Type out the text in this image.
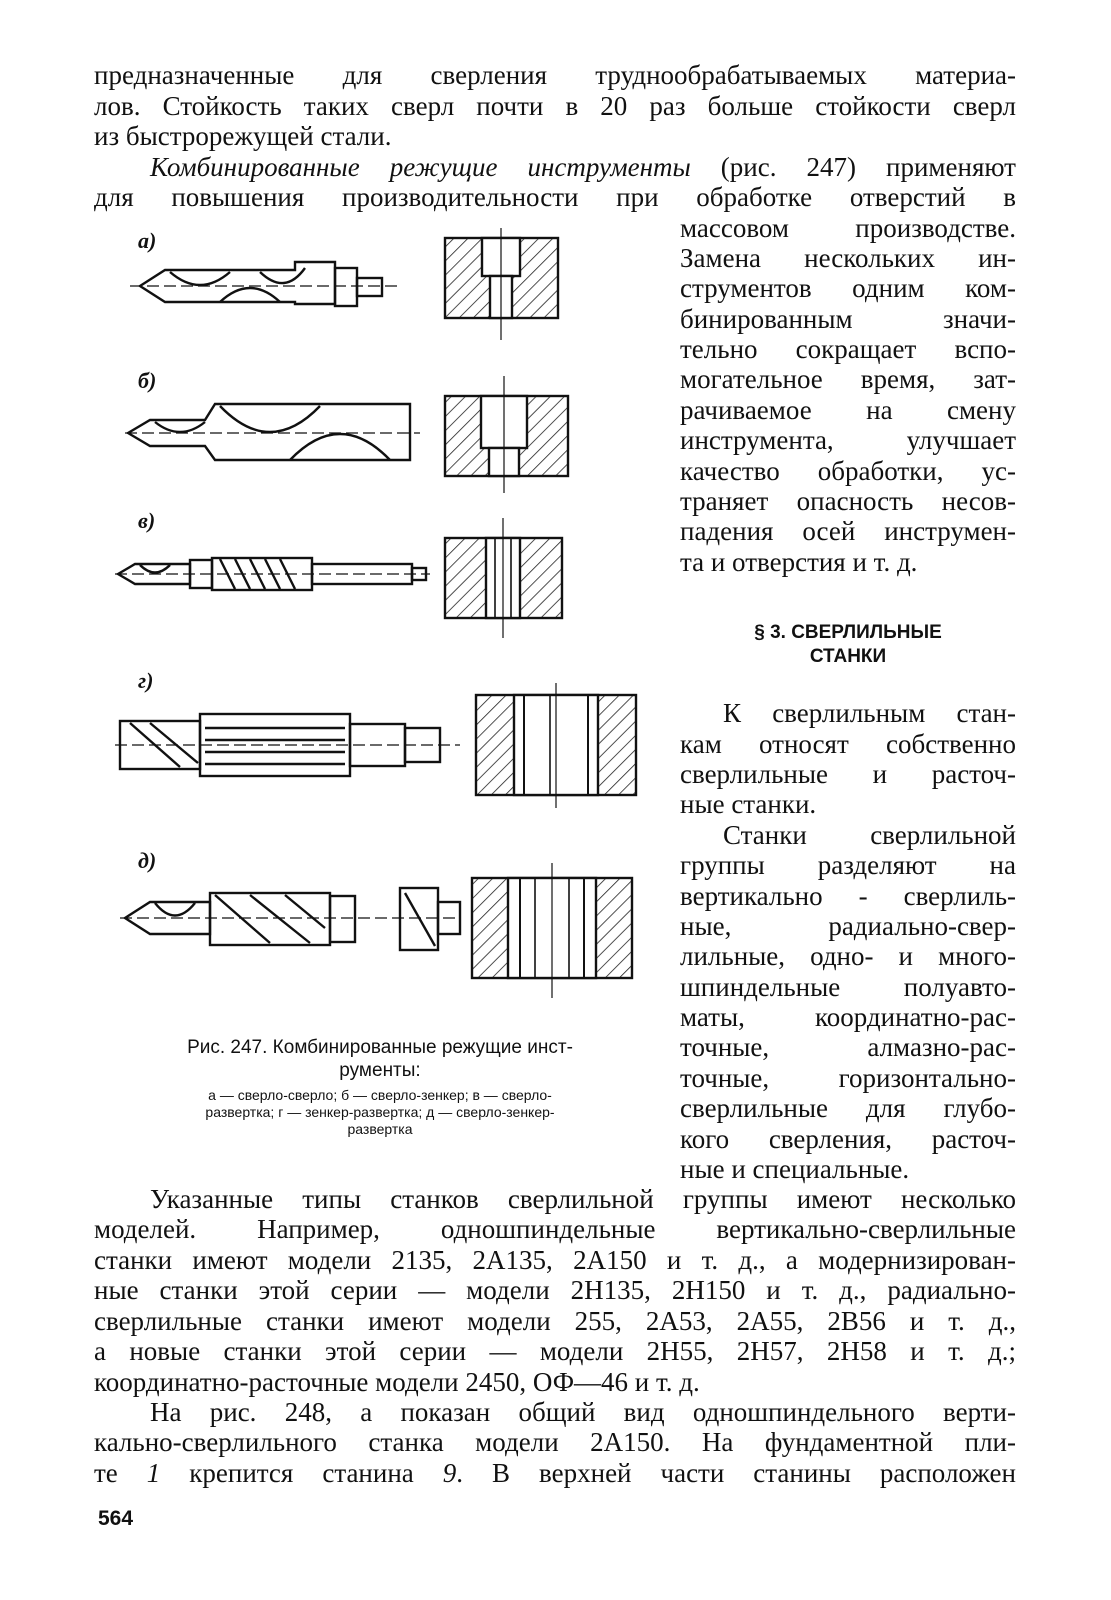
предназначенные для сверления труднообрабатываемых материа-
лов. Стойкость таких сверл почти в 20 раз больше стойкости сверл
из быстрорежущей стали.
Комбинированные режущие инструменты (рис. 247) применяют
для повышения производительности при обработке отверстий в
массовом производстве.
Замена нескольких ин-
струментов одним ком-
бинированным значи-
тельно сокращает вспо-
могательное время, зат-
рачиваемое на смену
инструмента, улучшает
качество обработки, ус-
траняет опасность несов-
падения осей инструмен-
та и отверстия и т. д.
§ 3. СВЕРЛИЛЬНЫЕ
СТАНКИ
К сверлильным стан-
кам относят собственно
сверлильные и расточ-
ные станки.
Станки сверлильной
группы разделяют на
вертикально - сверлиль-
ные, радиально-свер-
лильные, одно- и много-
шпиндельные полуавто-
маты, координатно-рас-
точные, алмазно-рас-
точные, горизонтально-
сверлильные для глубо-
кого сверления, расточ-
ные и специальные.
а)
б)
в)
г)
д)
Рис. 247. Комбинированные режущие инст-
рументы:
а — сверло-сверло; б — сверло-зенкер; в — сверло-
развертка; г — зенкер-развертка; д — сверло-зенкер-
развертка
Указанные типы станков сверлильной группы имеют несколько
моделей. Например, одношпиндельные вертикально-сверлильные
станки имеют модели 2135, 2А135, 2А150 и т. д., а модернизирован-
ные станки этой серии — модели 2Н135, 2Н150 и т. д., радиально-
сверлильные станки имеют модели 255, 2А53, 2А55, 2В56 и т. д.,
а новые станки этой серии — модели 2Н55, 2Н57, 2Н58 и т. д.;
координатно-расточные модели 2450, ОФ—46 и т. д.
На рис. 248, а показан общий вид одношпиндельного верти-
кально-сверлильного станка модели 2А150. На фундаментной пли-
те 1 крепится станина 9. В верхней части станины расположен
564
